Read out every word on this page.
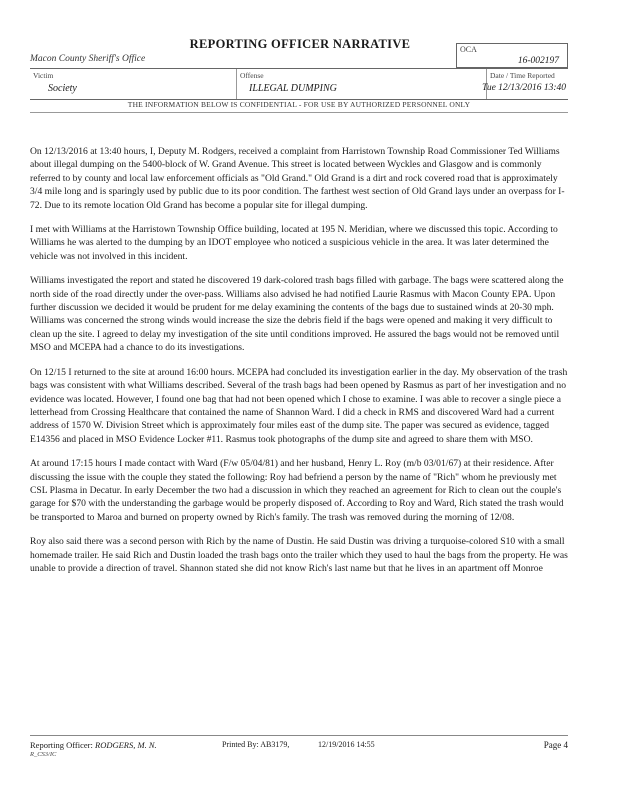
REPORTING OFFICER NARRATIVE
Macon County Sheriff's Office
OCA
16-002197
Victim
Society
Offense
ILLEGAL DUMPING
Date / Time Reported
Tue 12/13/2016 13:40
THE INFORMATION BELOW IS CONFIDENTIAL - FOR USE BY AUTHORIZED PERSONNEL ONLY

On 12/13/2016 at 13:40 hours, I, Deputy M. Rodgers, received a complaint from Harristown Township Road Commissioner Ted Williams about illegal dumping on the 5400-block of W. Grand Avenue. This street is located between Wyckles and Glasgow and is commonly referred to by county and local law enforcement officials as "Old Grand." Old Grand is a dirt and rock covered road that is approximately 3/4 mile long and is sparingly used by public due to its poor condition. The farthest west section of Old Grand lays under an overpass for I-72. Due to its remote location Old Grand has become a popular site for illegal dumping.

I met with Williams at the Harristown Township Office building, located at 195 N. Meridian, where we discussed this topic. According to Williams he was alerted to the dumping by an IDOT employee who noticed a suspicious vehicle in the area. It was later determined the vehicle was not involved in this incident.

Williams investigated the report and stated he discovered 19 dark-colored trash bags filled with garbage. The bags were scattered along the north side of the road directly under the over-pass. Williams also advised he had notified Laurie Rasmus with Macon County EPA. Upon further discussion we decided it would be prudent for me delay examining the contents of the bags due to sustained winds at 20-30 mph. Williams was concerned the strong winds would increase the size the debris field if the bags were opened and making it very difficult to clean up the site. I agreed to delay my investigation of the site until conditions improved. He assured the bags would not be removed until MSO and MCEPA had a chance to do its investigations.

On 12/15 I returned to the site at around 16:00 hours. MCEPA had concluded its investigation earlier in the day. My observation of the trash bags was consistent with what Williams described. Several of the trash bags had been opened by Rasmus as part of her investigation and no evidence was located. However, I found one bag that had not been opened which I chose to examine. I was able to recover a single piece a letterhead from Crossing Healthcare that contained the name of Shannon Ward. I did a check in RMS and discovered Ward had a current address of 1570 W. Division Street which is approximately four miles east of the dump site. The paper was secured as evidence, tagged E14356 and placed in MSO Evidence Locker #11. Rasmus took photographs of the dump site and agreed to share them with MSO.

At around 17:15 hours I made contact with Ward (F/w 05/04/81) and her husband, Henry L. Roy (m/b 03/01/67) at their residence. After discussing the issue with the couple they stated the following: Roy had befriend a person by the name of "Rich" whom he previously met CSL Plasma in Decatur. In early December the two had a discussion in which they reached an agreement for Rich to clean out the couple's garage for $70 with the understanding the garbage would be properly disposed of. According to Roy and Ward, Rich stated the trash would be transported to Maroa and burned on property owned by Rich's family. The trash was removed during the morning of 12/08.

Roy also said there was a second person with Rich by the name of Dustin. He said Dustin was driving a turquoise-colored S10 with a small homemade trailer. He said Rich and Dustin loaded the trash bags onto the trailer which they used to haul the bags from the property. He was unable to provide a direction of travel. Shannon stated she did not know Rich's last name but that he lives in an apartment off Monroe

Reporting Officer: RODGERS, M. N.	Printed By: AB3179,	12/19/2016 14:55	Page 4
R_CS3/IC
